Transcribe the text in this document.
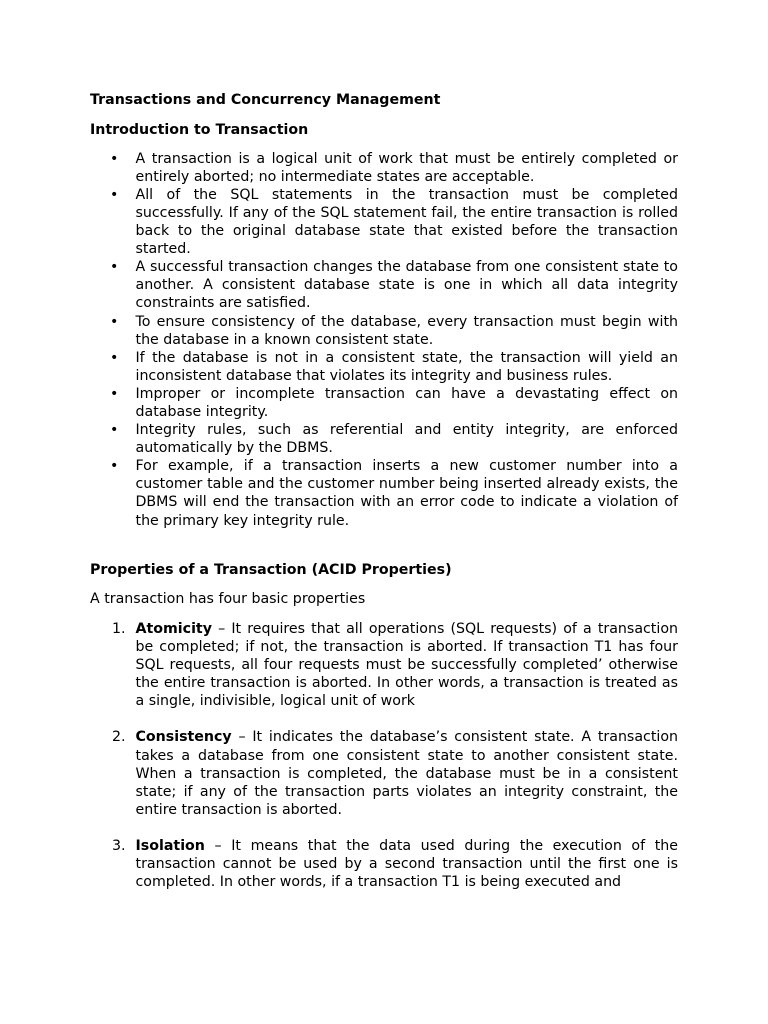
Transactions and Concurrency Management

Introduction to Transaction

• A transaction is a logical unit of work that must be entirely completed or entirely aborted; no intermediate states are acceptable.
• All of the SQL statements in the transaction must be completed successfully. If any of the SQL statement fail, the entire transaction is rolled back to the original database state that existed before the transaction started.
• A successful transaction changes the database from one consistent state to another. A consistent database state is one in which all data integrity constraints are satisfied.
• To ensure consistency of the database, every transaction must begin with the database in a known consistent state.
• If the database is not in a consistent state, the transaction will yield an inconsistent database that violates its integrity and business rules.
• Improper or incomplete transaction can have a devastating effect on database integrity.
• Integrity rules, such as referential and entity integrity, are enforced automatically by the DBMS.
• For example, if a transaction inserts a new customer number into a customer table and the customer number being inserted already exists, the DBMS will end the transaction with an error code to indicate a violation of the primary key integrity rule.

Properties of a Transaction (ACID Properties)

A transaction has four basic properties

1. Atomicity – It requires that all operations (SQL requests) of a transaction be completed; if not, the transaction is aborted. If transaction T1 has four SQL requests, all four requests must be successfully completed’ otherwise the entire transaction is aborted. In other words, a transaction is treated as a single, indivisible, logical unit of work
2. Consistency – It indicates the database’s consistent state. A transaction takes a database from one consistent state to another consistent state. When a transaction is completed, the database must be in a consistent state; if any of the transaction parts violates an integrity constraint, the entire transaction is aborted.
3. Isolation – It means that the data used during the execution of the transaction cannot be used by a second transaction until the first one is completed. In other words, if a transaction T1 is being executed and
